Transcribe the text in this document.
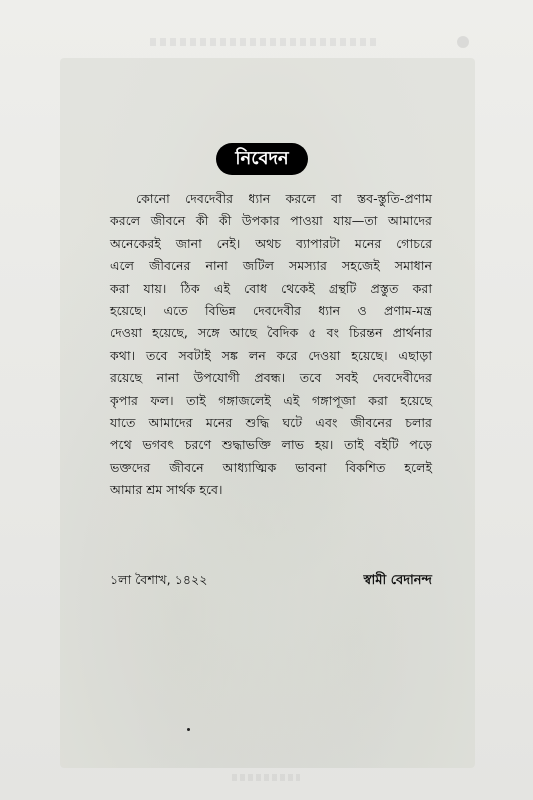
নিবেদন
কোনো দেবদেবীর ধ্যান করলে বা স্তব-স্তুতি-প্রণাম
করলে জীবনে কী কী উপকার পাওয়া যায়—তা আমাদের
অনেকেরই জানা নেই। অথচ ব্যাপারটা মনের গোচরে
এলে জীবনের নানা জটিল সমস্যার সহজেই সমাধান
করা যায়। ঠিক এই বোধ থেকেই গ্রন্থটি প্রস্তুত করা
হয়েছে। এতে বিভিন্ন দেবদেবীর ধ্যান ও প্রণাম-মন্ত্র
দেওয়া হয়েছে, সঙ্গে আছে বৈদিক ৫ বং চিরন্তন প্রার্থনার
কথা। তবে সবটাই সঙ্ক লন করে দেওয়া হয়েছে। এছাড়া
রয়েছে নানা উপযোগী প্রবন্ধ। তবে সবই দেবদেবীদের
কৃপার ফল। তাই গঙ্গাজলেই এই গঙ্গাপূজা করা হয়েছে
যাতে আমাদের মনের শুদ্ধি ঘটে এবং জীবনের চলার
পথে ভগবৎ চরণে শুদ্ধাভক্তি লাভ হয়। তাই বইটি পড়ে
ভক্তদের জীবনে আধ্যাত্মিক ভাবনা বিকশিত হলেই
আমার শ্রম সার্থক হবে।
১লা বৈশাখ, ১৪২২	স্বামী বেদানন্দ
